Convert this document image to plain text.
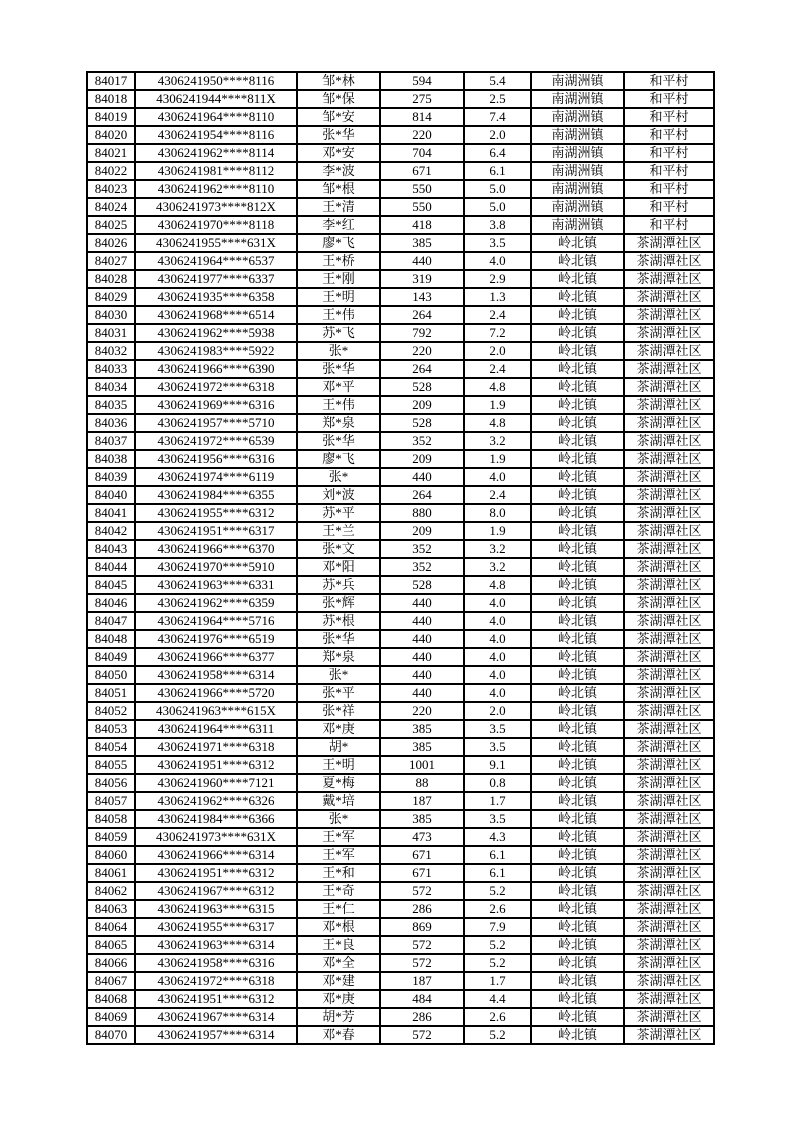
84017	4306241950****8116	邹*林	594	5.4	南湖洲镇	和平村
84018	4306241944****811X	邹*保	275	2.5	南湖洲镇	和平村
84019	4306241964****8110	邹*安	814	7.4	南湖洲镇	和平村
84020	4306241954****8116	张*华	220	2.0	南湖洲镇	和平村
84021	4306241962****8114	邓*安	704	6.4	南湖洲镇	和平村
84022	4306241981****8112	李*波	671	6.1	南湖洲镇	和平村
84023	4306241962****8110	邹*根	550	5.0	南湖洲镇	和平村
84024	4306241973****812X	王*清	550	5.0	南湖洲镇	和平村
84025	4306241970****8118	李*红	418	3.8	南湖洲镇	和平村
84026	4306241955****631X	廖*飞	385	3.5	岭北镇	茶湖潭社区
84027	4306241964****6537	王*桥	440	4.0	岭北镇	茶湖潭社区
84028	4306241977****6337	王*刚	319	2.9	岭北镇	茶湖潭社区
84029	4306241935****6358	王*明	143	1.3	岭北镇	茶湖潭社区
84030	4306241968****6514	王*伟	264	2.4	岭北镇	茶湖潭社区
84031	4306241962****5938	苏*飞	792	7.2	岭北镇	茶湖潭社区
84032	4306241983****5922	张*	220	2.0	岭北镇	茶湖潭社区
84033	4306241966****6390	张*华	264	2.4	岭北镇	茶湖潭社区
84034	4306241972****6318	邓*平	528	4.8	岭北镇	茶湖潭社区
84035	4306241969****6316	王*伟	209	1.9	岭北镇	茶湖潭社区
84036	4306241957****5710	郑*泉	528	4.8	岭北镇	茶湖潭社区
84037	4306241972****6539	张*华	352	3.2	岭北镇	茶湖潭社区
84038	4306241956****6316	廖*飞	209	1.9	岭北镇	茶湖潭社区
84039	4306241974****6119	张*	440	4.0	岭北镇	茶湖潭社区
84040	4306241984****6355	刘*波	264	2.4	岭北镇	茶湖潭社区
84041	4306241955****6312	苏*平	880	8.0	岭北镇	茶湖潭社区
84042	4306241951****6317	王*兰	209	1.9	岭北镇	茶湖潭社区
84043	4306241966****6370	张*文	352	3.2	岭北镇	茶湖潭社区
84044	4306241970****5910	邓*阳	352	3.2	岭北镇	茶湖潭社区
84045	4306241963****6331	苏*兵	528	4.8	岭北镇	茶湖潭社区
84046	4306241962****6359	张*辉	440	4.0	岭北镇	茶湖潭社区
84047	4306241964****5716	苏*根	440	4.0	岭北镇	茶湖潭社区
84048	4306241976****6519	张*华	440	4.0	岭北镇	茶湖潭社区
84049	4306241966****6377	郑*泉	440	4.0	岭北镇	茶湖潭社区
84050	4306241958****6314	张*	440	4.0	岭北镇	茶湖潭社区
84051	4306241966****5720	张*平	440	4.0	岭北镇	茶湖潭社区
84052	4306241963****615X	张*祥	220	2.0	岭北镇	茶湖潭社区
84053	4306241964****6311	邓*庚	385	3.5	岭北镇	茶湖潭社区
84054	4306241971****6318	胡*	385	3.5	岭北镇	茶湖潭社区
84055	4306241951****6312	王*明	1001	9.1	岭北镇	茶湖潭社区
84056	4306241960****7121	夏*梅	88	0.8	岭北镇	茶湖潭社区
84057	4306241962****6326	戴*培	187	1.7	岭北镇	茶湖潭社区
84058	4306241984****6366	张*	385	3.5	岭北镇	茶湖潭社区
84059	4306241973****631X	王*军	473	4.3	岭北镇	茶湖潭社区
84060	4306241966****6314	王*军	671	6.1	岭北镇	茶湖潭社区
84061	4306241951****6312	王*和	671	6.1	岭北镇	茶湖潭社区
84062	4306241967****6312	王*奇	572	5.2	岭北镇	茶湖潭社区
84063	4306241963****6315	王*仁	286	2.6	岭北镇	茶湖潭社区
84064	4306241955****6317	邓*根	869	7.9	岭北镇	茶湖潭社区
84065	4306241963****6314	王*良	572	5.2	岭北镇	茶湖潭社区
84066	4306241958****6316	邓*全	572	5.2	岭北镇	茶湖潭社区
84067	4306241972****6318	邓*建	187	1.7	岭北镇	茶湖潭社区
84068	4306241951****6312	邓*庚	484	4.4	岭北镇	茶湖潭社区
84069	4306241967****6314	胡*芳	286	2.6	岭北镇	茶湖潭社区
84070	4306241957****6314	邓*春	572	5.2	岭北镇	茶湖潭社区
